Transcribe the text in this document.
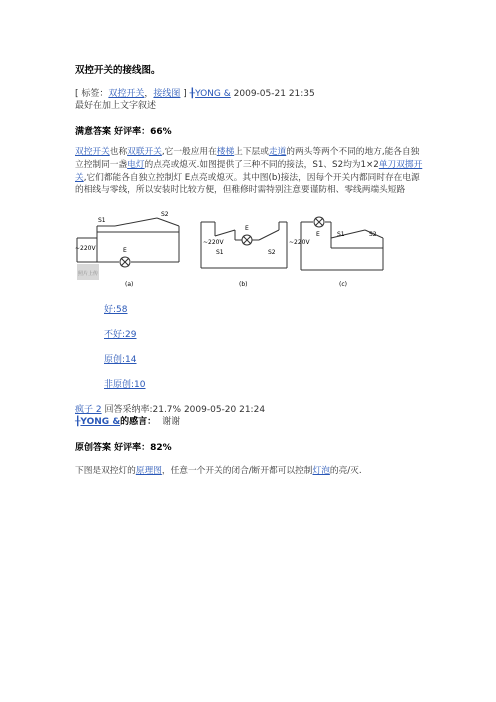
双控开关的接线图。
[ 标签：双控开关，接线图 ] ╂YONG & 2009-05-21 21:35
最好在加上文字叙述
满意答案 好评率：66%
双控开关也称双联开关,它一般应用在楼梯上下层或走道的两头等两个不同的地方,能各自独立控制同一盏电灯的点亮或熄灭.如图提供了三种不同的接法，S1、S2均为1×2单刀双掷开关,它们都能各自独立控制灯 E点亮或熄灭。其中图(b)接法，因每个开关内都同时存在电源的相线与零线，所以安装时比较方便，但稚修时需特别注意要谨防相、零线两端头短路
S1
S2
E
~220V
(a)
照片上传
~220V
S1
E
S2
(b)
E
~220V
S1	S2
(c)
好:58
不好:29
原创:14
非原创:10
疯子 2 回答采纳率:21.7% 2009-05-20 21:24
╂YONG &的感言： 谢谢
原创答案 好评率：82%
下图是双控灯的原理图，任意一个开关的闭合/断开都可以控制灯泡的亮/灭.
